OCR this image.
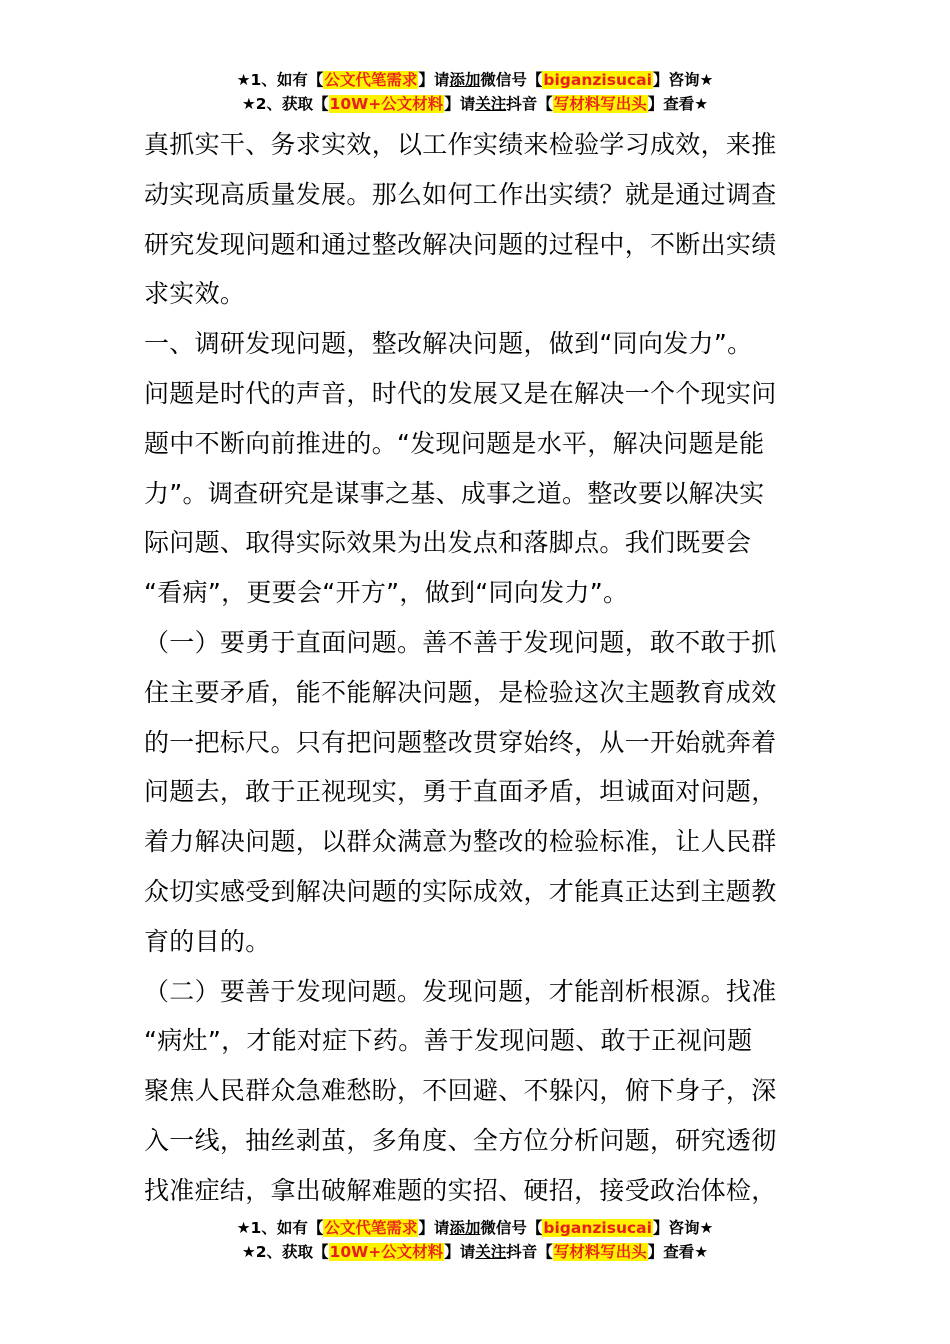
★1、如有【公文代笔需求】请添加微信号【biganzisucai】咨询★
★2、获取【10W+公文材料】请关注抖音【写材料写出头】查看★
真抓实干、务求实效，以工作实绩来检验学习成效，来推
动实现高质量发展。那么如何工作出实绩？就是通过调查
研究发现问题和通过整改解决问题的过程中，不断出实绩
求实效。
一、调研发现问题，整改解决问题，做到“同向发力”。
问题是时代的声音，时代的发展又是在解决一个个现实问
题中不断向前推进的。“发现问题是水平，解决问题是能
力”。调查研究是谋事之基、成事之道。整改要以解决实
际问题、取得实际效果为出发点和落脚点。我们既要会
“看病”，更要会“开方”，做到“同向发力”。
（一）要勇于直面问题。善不善于发现问题，敢不敢于抓
住主要矛盾，能不能解决问题，是检验这次主题教育成效
的一把标尺。只有把问题整改贯穿始终，从一开始就奔着
问题去，敢于正视现实，勇于直面矛盾，坦诚面对问题，
着力解决问题，以群众满意为整改的检验标准，让人民群
众切实感受到解决问题的实际成效，才能真正达到主题教
育的目的。
（二）要善于发现问题。发现问题，才能剖析根源。找准
“病灶”，才能对症下药。善于发现问题、敢于正视问题
聚焦人民群众急难愁盼，不回避、不躲闪，俯下身子，深
入一线，抽丝剥茧，多角度、全方位分析问题，研究透彻
找准症结，拿出破解难题的实招、硬招，接受政治体检，
★1、如有【公文代笔需求】请添加微信号【biganzisucai】咨询★
★2、获取【10W+公文材料】请关注抖音【写材料写出头】查看★
